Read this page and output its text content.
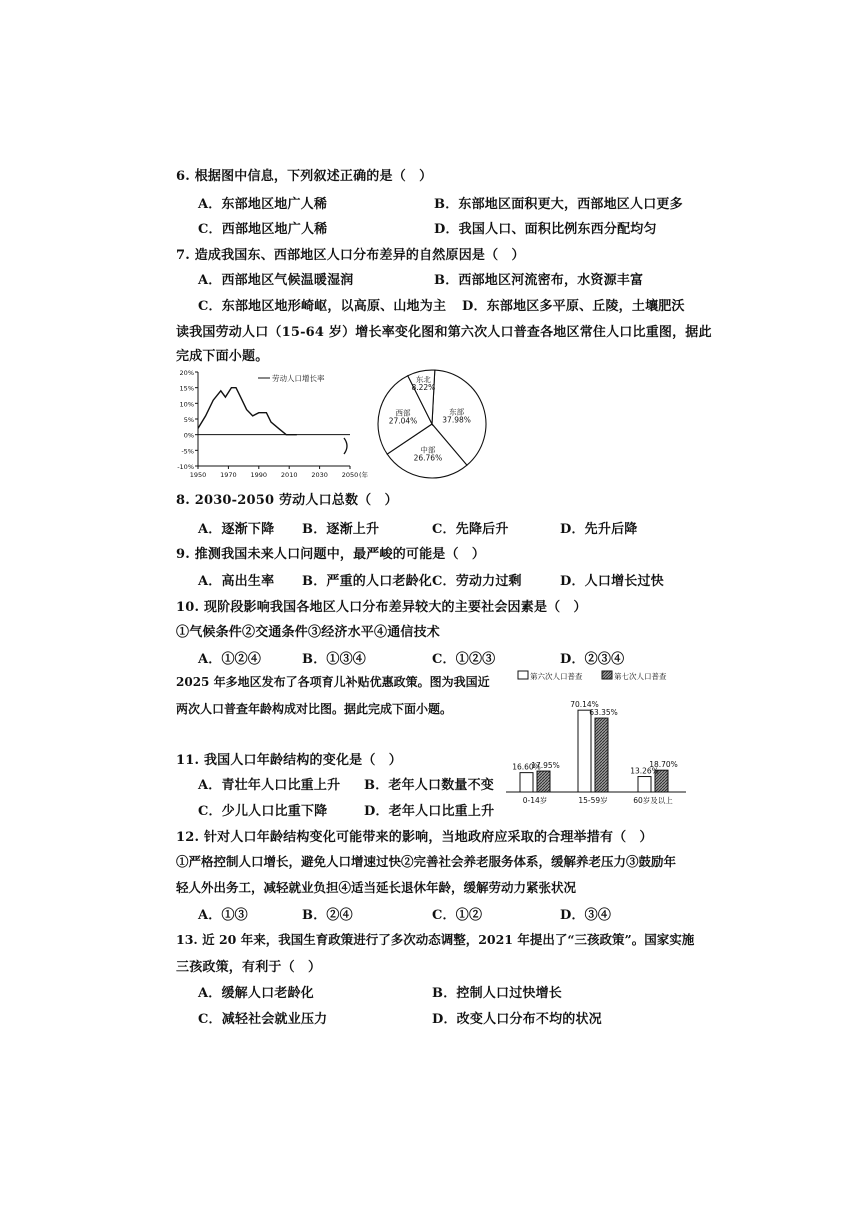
6. 根据图中信息，下列叙述正确的是（　）
A．东部地区地广人稀	B．东部地区面积更大，西部地区人口更多
C．西部地区地广人稀	D．我国人口、面积比例东西分配均匀
7. 造成我国东、西部地区人口分布差异的自然原因是（　）
A．西部地区气候温暖湿润	B．西部地区河流密布，水资源丰富
C．东部地区地形崎岖，以高原、山地为主 D．东部地区多平原、丘陵，土壤肥沃
读我国劳动人口（15-64 岁）增长率变化图和第六次人口普查各地区常住人口比重图，据此
完成下面小题。
20%
15%
10%
5%
0%
-5%
-10%
1950 1970 1990 2010 2030 2050 (年
劳动人口增长率
东部
37.98%
中部
26.76%
西部
27.04%
东北
8.22%
8. 2030-2050 劳动人口总数（　）
A．逐渐下降 B．逐渐上升	C．先降后升	D．先升后降
9. 推测我国未来人口问题中，最严峻的可能是（　）
A．高出生率 B．严重的人口老龄化 C．劳动力过剩	D．人口增长过快
10. 现阶段影响我国各地区人口分布差异较大的主要社会因素是（　）
①气候条件②交通条件③经济水平④通信技术
A．①②④	B．①③④	C．①②③	D．②③④
2025 年多地区发布了各项育儿补贴优惠政策。图为我国近
两次人口普查年龄构成对比图。据此完成下面小题。
第六次人口普查	第七次人口普查
16.60%
17.95%
0-14岁
70.14%
63.35%
15-59岁
13.26%
18.70%
60岁及以上
11. 我国人口年龄结构的变化是（　）
A．青壮年人口比重上升 B．老年人口数量不变
C．少儿人口比重下降	D．老年人口比重上升
12. 针对人口年龄结构变化可能带来的影响，当地政府应采取的合理举措有（　）
①严格控制人口增长，避免人口增速过快②完善社会养老服务体系，缓解养老压力③鼓励年
轻人外出务工，减轻就业负担④适当延长退休年龄，缓解劳动力紧张状况
A．①③	B．②④	C．①②	D．③④
13. 近 20 年来，我国生育政策进行了多次动态调整，2021 年提出了“三孩政策”。国家实施
三孩政策，有利于（　）
A．缓解人口老龄化	B．控制人口过快增长
C．减轻社会就业压力	D．改变人口分布不均的状况
